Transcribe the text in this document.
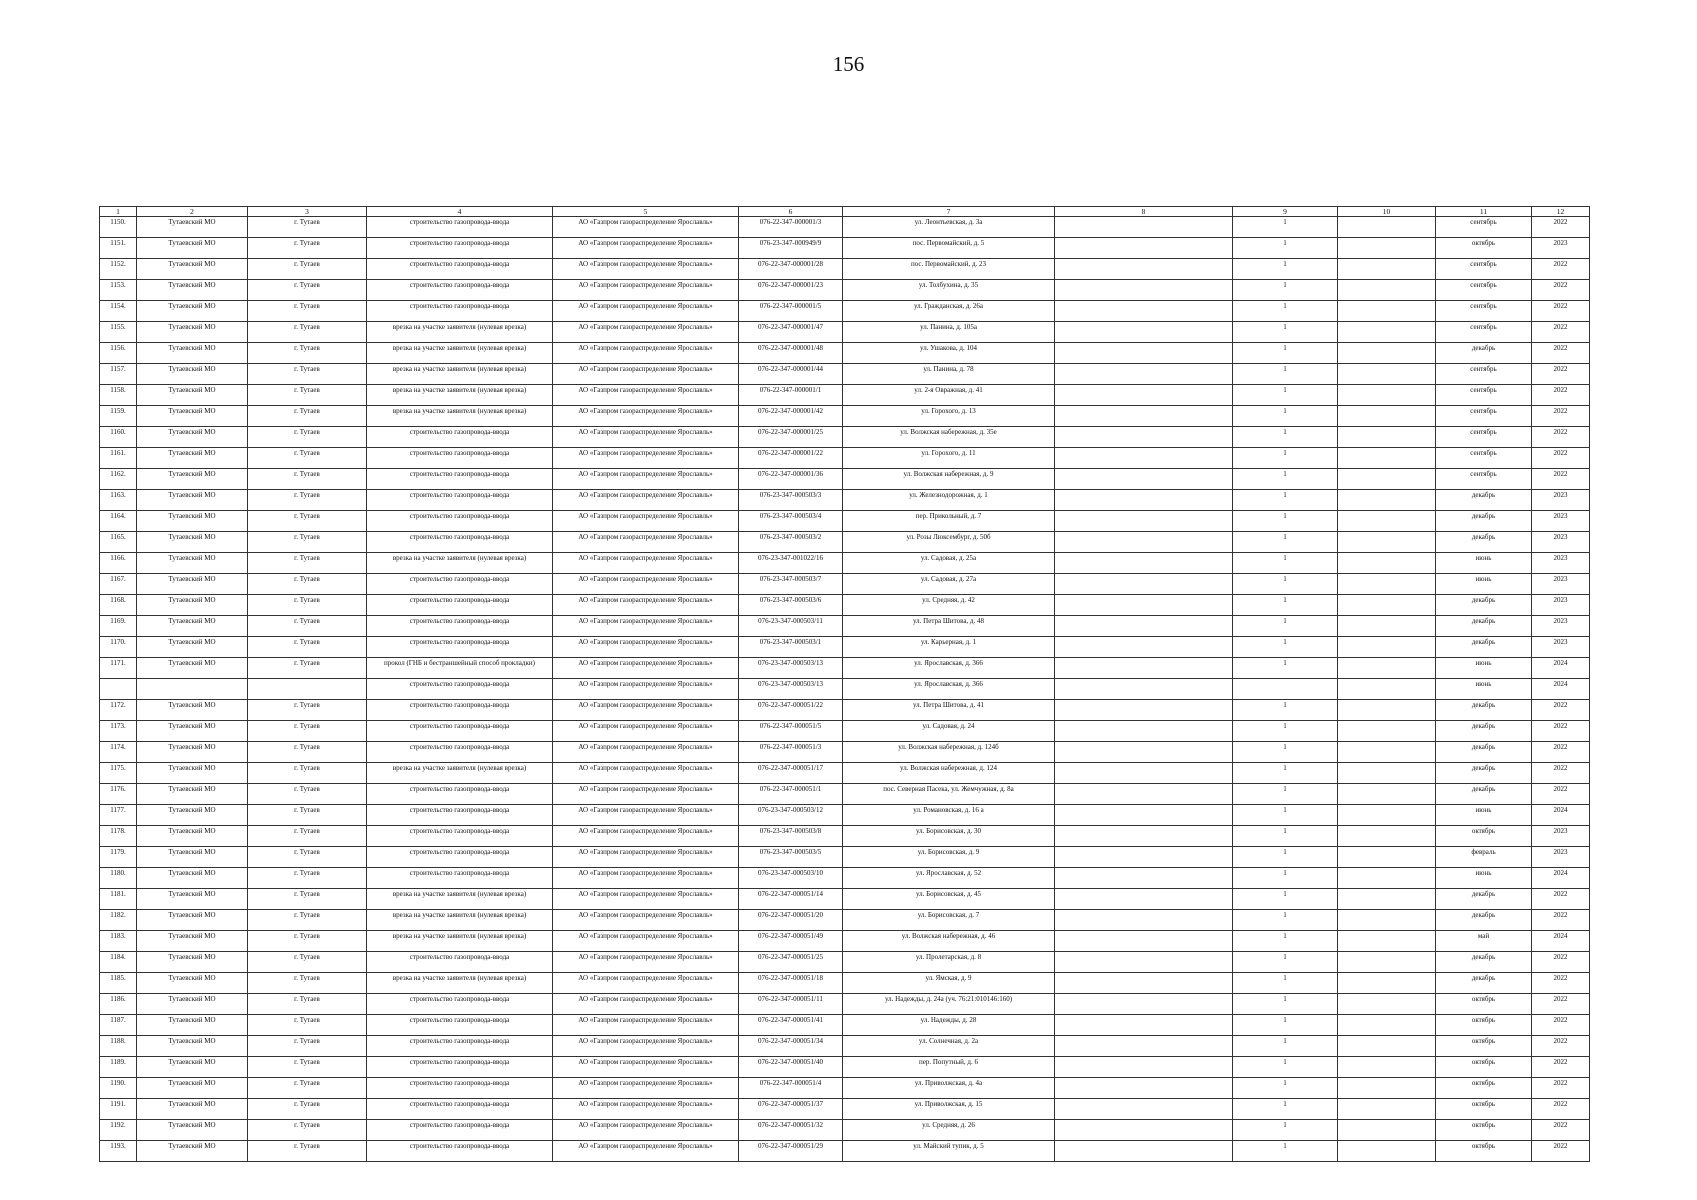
156
1	2	3	4	5	6	7	8	9	10	11	12
1150.	Тутаевский МО	г. Тутаев	строительство газопровода-ввода	АО «Газпром газораспределение Ярославль»	076-22-347-000001/3	ул. Леонтьевская, д. 3а		1		сентябрь	2022
1151.	Тутаевский МО	г. Тутаев	строительство газопровода-ввода	АО «Газпром газораспределение Ярославль»	076-23-347-000949/9	пос. Первомайский, д. 5		1		октябрь	2023
1152.	Тутаевский МО	г. Тутаев	строительство газопровода-ввода	АО «Газпром газораспределение Ярославль»	076-22-347-000001/28	пос. Первомайский, д. 23		1		сентябрь	2022
1153.	Тутаевский МО	г. Тутаев	строительство газопровода-ввода	АО «Газпром газораспределение Ярославль»	076-22-347-000001/23	ул. Толбухина, д. 35		1		сентябрь	2022
1154.	Тутаевский МО	г. Тутаев	строительство газопровода-ввода	АО «Газпром газораспределение Ярославль»	076-22-347-000001/5	ул. Гражданская, д. 26а		1		сентябрь	2022
1155.	Тутаевский МО	г. Тутаев	врезка на участке заявителя (нулевая врезка)	АО «Газпром газораспределение Ярославль»	076-22-347-000001/47	ул. Панина, д. 105а		1		сентябрь	2022
1156.	Тутаевский МО	г. Тутаев	врезка на участке заявителя (нулевая врезка)	АО «Газпром газораспределение Ярославль»	076-22-347-000001/48	ул. Ушакова, д. 104		1		декабрь	2022
1157.	Тутаевский МО	г. Тутаев	врезка на участке заявителя (нулевая врезка)	АО «Газпром газораспределение Ярославль»	076-22-347-000001/44	ул. Панина, д. 78		1		сентябрь	2022
1158.	Тутаевский МО	г. Тутаев	врезка на участке заявителя (нулевая врезка)	АО «Газпром газораспределение Ярославль»	076-22-347-000001/1	ул. 2-я Овражная, д. 41		1		сентябрь	2022
1159.	Тутаевский МО	г. Тутаев	врезка на участке заявителя (нулевая врезка)	АО «Газпром газораспределение Ярославль»	076-22-347-000001/42	ул. Горохого, д. 13		1		сентябрь	2022
1160.	Тутаевский МО	г. Тутаев	строительство газопровода-ввода	АО «Газпром газораспределение Ярославль»	076-22-347-000001/25	ул. Волжская набережная, д. 35е		1		сентябрь	2022
1161.	Тутаевский МО	г. Тутаев	строительство газопровода-ввода	АО «Газпром газораспределение Ярославль»	076-22-347-000001/22	ул. Горохого, д. 11		1		сентябрь	2022
1162.	Тутаевский МО	г. Тутаев	строительство газопровода-ввода	АО «Газпром газораспределение Ярославль»	076-22-347-000001/36	ул. Волжская набережная, д. 9		1		сентябрь	2022
1163.	Тутаевский МО	г. Тутаев	строительство газопровода-ввода	АО «Газпром газораспределение Ярославль»	076-23-347-000503/3	ул. Железнодорожная, д. 1		1		декабрь	2023
1164.	Тутаевский МО	г. Тутаев	строительство газопровода-ввода	АО «Газпром газораспределение Ярославль»	076-23-347-000503/4	пер. Прикольный, д. 7		1		декабрь	2023
1165.	Тутаевский МО	г. Тутаев	строительство газопровода-ввода	АО «Газпром газораспределение Ярославль»	076-23-347-000503/2	ул. Розы Люксембург, д. 50б		1		декабрь	2023
1166.	Тутаевский МО	г. Тутаев	врезка на участке заявителя (нулевая врезка)	АО «Газпром газораспределение Ярославль»	076-23-347-001022/16	ул. Садовая, д. 25а		1		июнь	2023
1167.	Тутаевский МО	г. Тутаев	строительство газопровода-ввода	АО «Газпром газораспределение Ярославль»	076-23-347-000503/7	ул. Садовая, д. 27а		1		июнь	2023
1168.	Тутаевский МО	г. Тутаев	строительство газопровода-ввода	АО «Газпром газораспределение Ярославль»	076-23-347-000503/6	ул. Средняя, д. 42		1		декабрь	2023
1169.	Тутаевский МО	г. Тутаев	строительство газопровода-ввода	АО «Газпром газораспределение Ярославль»	076-23-347-000503/11	ул. Петра Шитова, д. 48		1		декабрь	2023
1170.	Тутаевский МО	г. Тутаев	строительство газопровода-ввода	АО «Газпром газораспределение Ярославль»	076-23-347-000503/1	ул. Карьерная, д. 1		1		декабрь	2023
1171.	Тутаевский МО	г. Тутаев	прокол (ГНБ и бестраншейный способ прокладки)	АО «Газпром газораспределение Ярославль»	076-23-347-000503/13	ул. Ярославская, д. 366		1		июнь	2024
			строительство газопровода-ввода	АО «Газпром газораспределение Ярославль»	076-23-347-000503/13	ул. Ярославская, д. 366				июнь	2024
1172.	Тутаевский МО	г. Тутаев	строительство газопровода-ввода	АО «Газпром газораспределение Ярославль»	076-22-347-000051/22	ул. Петра Шитова, д. 41		1		декабрь	2022
1173.	Тутаевский МО	г. Тутаев	строительство газопровода-ввода	АО «Газпром газораспределение Ярославль»	076-22-347-000051/5	ул. Садовая, д. 24		1		декабрь	2022
1174.	Тутаевский МО	г. Тутаев	строительство газопровода-ввода	АО «Газпром газораспределение Ярославль»	076-22-347-000051/3	ул. Волжская набережная, д. 124б		1		декабрь	2022
1175.	Тутаевский МО	г. Тутаев	врезка на участке заявителя (нулевая врезка)	АО «Газпром газораспределение Ярославль»	076-22-347-000051/17	ул. Волжская набережная, д. 124		1		декабрь	2022
1176.	Тутаевский МО	г. Тутаев	строительство газопровода-ввода	АО «Газпром газораспределение Ярославль»	076-22-347-000051/1	пос. Северная Пасека, ул. Жемчужная, д. 8а		1		декабрь	2022
1177.	Тутаевский МО	г. Тутаев	строительство газопровода-ввода	АО «Газпром газораспределение Ярославль»	076-23-347-000503/12	ул. Романовская, д. 16 а		1		июнь	2024
1178.	Тутаевский МО	г. Тутаев	строительство газопровода-ввода	АО «Газпром газораспределение Ярославль»	076-23-347-000503/8	ул. Борисовская, д. 30		1		октябрь	2023
1179.	Тутаевский МО	г. Тутаев	строительство газопровода-ввода	АО «Газпром газораспределение Ярославль»	076-23-347-000503/5	ул. Борисовская, д. 9		1		февраль	2023
1180.	Тутаевский МО	г. Тутаев	строительство газопровода-ввода	АО «Газпром газораспределение Ярославль»	076-23-347-000503/10	ул. Ярославская, д. 52		1		июнь	2024
1181.	Тутаевский МО	г. Тутаев	врезка на участке заявителя (нулевая врезка)	АО «Газпром газораспределение Ярославль»	076-22-347-000051/14	ул. Борисовская, д. 45		1		декабрь	2022
1182.	Тутаевский МО	г. Тутаев	врезка на участке заявителя (нулевая врезка)	АО «Газпром газораспределение Ярославль»	076-22-347-000051/20	ул. Борисовская, д. 7		1		декабрь	2022
1183.	Тутаевский МО	г. Тутаев	врезка на участке заявителя (нулевая врезка)	АО «Газпром газораспределение Ярославль»	076-22-347-000051/49	ул. Волжская набережная, д. 46		1		май	2024
1184.	Тутаевский МО	г. Тутаев	строительство газопровода-ввода	АО «Газпром газораспределение Ярославль»	076-22-347-000051/25	ул. Пролетарская, д. 8		1		декабрь	2022
1185.	Тутаевский МО	г. Тутаев	врезка на участке заявителя (нулевая врезка)	АО «Газпром газораспределение Ярославль»	076-22-347-000051/18	ул. Ямская, д. 9		1		декабрь	2022
1186.	Тутаевский МО	г. Тутаев	строительство газопровода-ввода	АО «Газпром газораспределение Ярославль»	076-22-347-000051/11	ул. Надежды, д. 24а (уч. 76:21:010146:160)		1		октябрь	2022
1187.	Тутаевский МО	г. Тутаев	строительство газопровода-ввода	АО «Газпром газораспределение Ярославль»	076-22-347-000051/41	ул. Надежды, д. 28		1		октябрь	2022
1188.	Тутаевский МО	г. Тутаев	строительство газопровода-ввода	АО «Газпром газораспределение Ярославль»	076-22-347-000051/34	ул. Солнечная, д. 2а		1		октябрь	2022
1189.	Тутаевский МО	г. Тутаев	строительство газопровода-ввода	АО «Газпром газораспределение Ярославль»	076-22-347-000051/40	пер. Попутный, д. 6		1		октябрь	2022
1190.	Тутаевский МО	г. Тутаев	строительство газопровода-ввода	АО «Газпром газораспределение Ярославль»	076-22-347-000051/4	ул. Приволжская, д. 4а		1		октябрь	2022
1191.	Тутаевский МО	г. Тутаев	строительство газопровода-ввода	АО «Газпром газораспределение Ярославль»	076-22-347-000051/37	ул. Приволжская, д. 15		1		октябрь	2022
1192.	Тутаевский МО	г. Тутаев	строительство газопровода-ввода	АО «Газпром газораспределение Ярославль»	076-22-347-000051/32	ул. Средняя, д. 26		1		октябрь	2022
1193.	Тутаевский МО	г. Тутаев	строительство газопровода-ввода	АО «Газпром газораспределение Ярославль»	076-22-347-000051/29	ул. Майский тупик, д. 5		1		октябрь	2022
